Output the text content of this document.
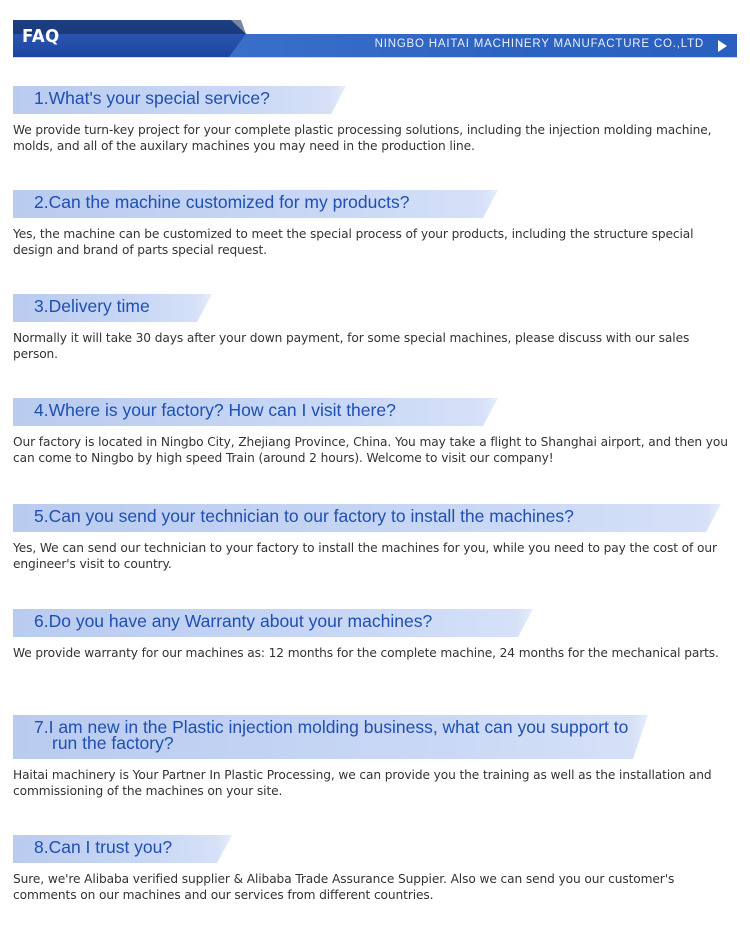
FAQ	NINGBO HAITAI MACHINERY MANUFACTURE CO.,LTD
1.What's your special service?
We provide turn-key project for your complete plastic processing solutions, including the injection molding machine, molds, and all of the auxilary machines you may need in the production line.
2.Can the machine customized for my products?
Yes, the machine can be customized to meet the special process of your products, including the structure special design and brand of parts special request.
3.Delivery time
Normally it will take 30 days after your down payment, for some special machines, please discuss with our sales person.
4.Where is your factory? How can I visit there?
Our factory is located in Ningbo City, Zhejiang Province, China. You may take a flight to Shanghai airport, and then you can come to Ningbo by high speed Train (around 2 hours). Welcome to visit our company!
5.Can you send your technician to our factory to install the machines?
Yes, We can send our technician to your factory to install the machines for you, while you need to pay the cost of our engineer's visit to country.
6.Do you have any Warranty about your machines?
We provide warranty for our machines as: 12 months for the complete machine, 24 months for the mechanical parts.
7.I am new in the Plastic injection molding business, what can you support to run the factory?
Haitai machinery is Your Partner In Plastic Processing, we can provide you the training as well as the installation and commissioning of the machines on your site.
8.Can I trust you?
Sure, we're Alibaba verified supplier & Alibaba Trade Assurance Suppier. Also we can send you our customer's comments on our machines and our services from different countries.
